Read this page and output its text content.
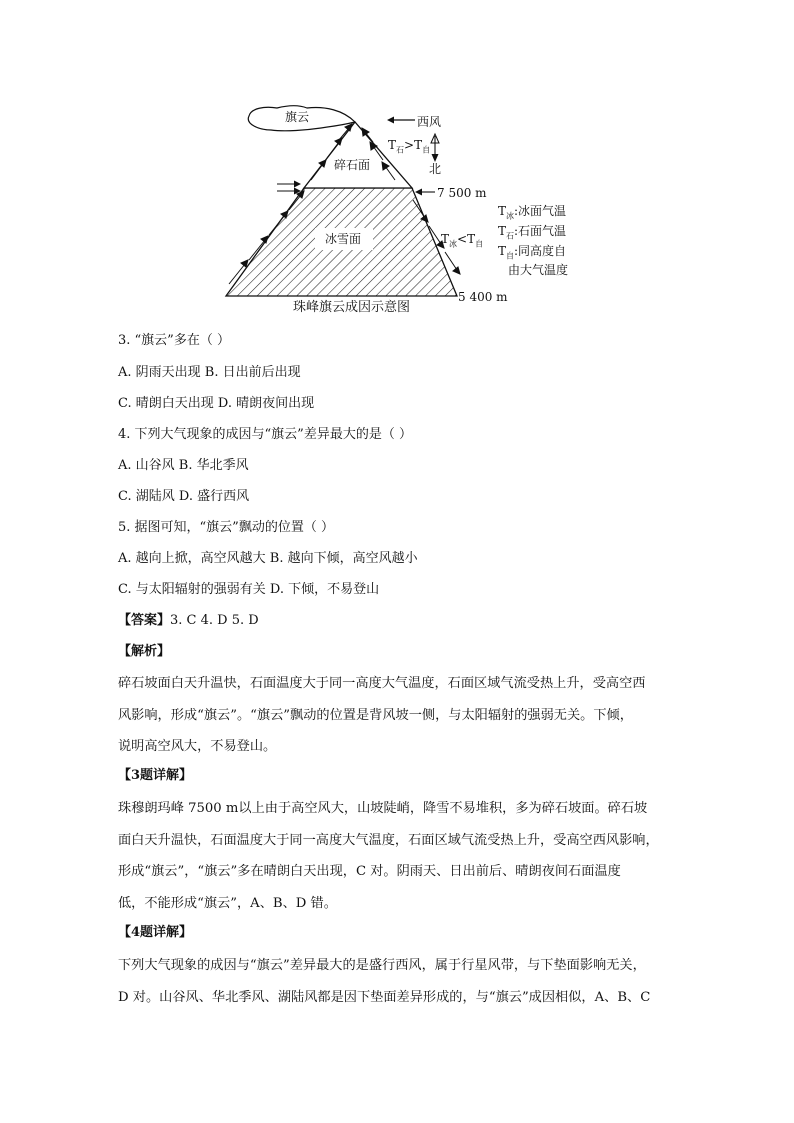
旗云	西风
$T_石>T_自$
北
碎石面
7 500 m
$T_冰$:冰面气温
$T_石$:石面气温
$T_自$:同高度自
由大气温度
冰雪面	$T_冰<T_自$
5 400 m
珠峰旗云成因示意图
3. “旗云”多在（ ）
A. 阴雨天出现 B. 日出前后出现
C. 晴朗白天出现 D. 晴朗夜间出现
4. 下列大气现象的成因与“旗云”差异最大的是（ ）
A. 山谷风 B. 华北季风
C. 湖陆风 D. 盛行西风
5. 据图可知，“旗云”飘动的位置（ ）
A. 越向上掀，高空风越大 B. 越向下倾，高空风越小
C. 与太阳辐射的强弱有关 D. 下倾，不易登山
【答案】3. C 4. D 5. D
【解析】
碎石坡面白天升温快，石面温度大于同一高度大气温度，石面区域气流受热上升，受高空西
风影响，形成“旗云”。“旗云”飘动的位置是背风坡一侧，与太阳辐射的强弱无关。下倾，
说明高空风大，不易登山。
【3题详解】
珠穆朗玛峰 7500 m以上由于高空风大，山坡陡峭，降雪不易堆积，多为碎石坡面。碎石坡
面白天升温快，石面温度大于同一高度大气温度，石面区域气流受热上升，受高空西风影响，
形成“旗云”，“旗云”多在晴朗白天出现，C 对。阴雨天、日出前后、晴朗夜间石面温度
低，不能形成“旗云”，A、B、D 错。
【4题详解】
下列大气现象的成因与“旗云”差异最大的是盛行西风，属于行星风带，与下垫面影响无关，
D 对。山谷风、华北季风、湖陆风都是因下垫面差异形成的，与“旗云”成因相似，A、B、C
